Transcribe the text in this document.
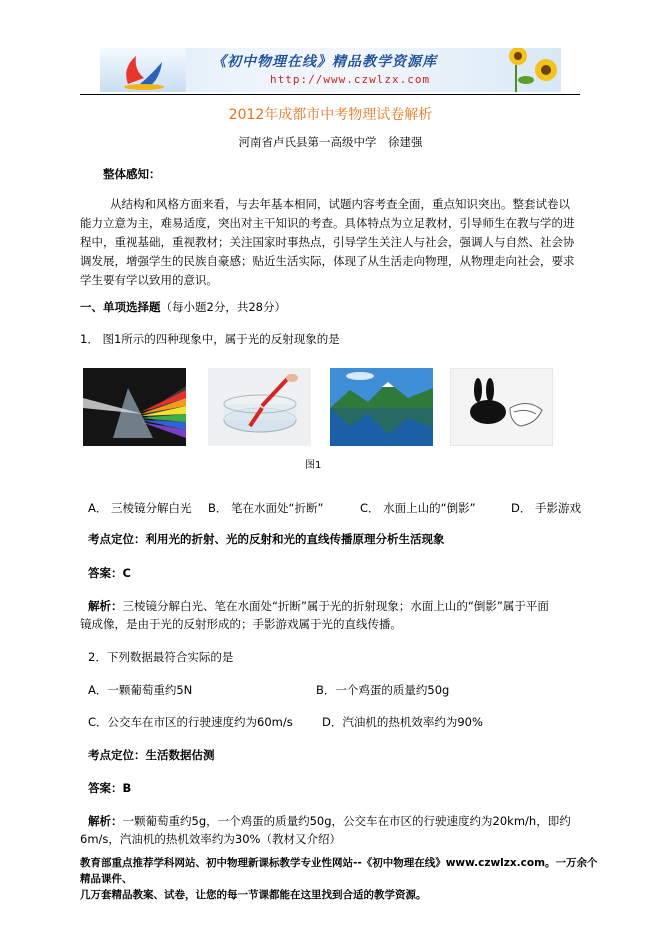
《初中物理在线》精品教学资源库
http://www.czwlzx.com
2012年成都市中考物理试卷解析
河南省卢氏县第一高级中学　徐建强
整体感知：
从结构和风格方面来看，与去年基本相同，试题内容考查全面，重点知识突出。整套试卷以
能力立意为主，难易适度，突出对主干知识的考查。具体特点为立足教材，引导师生在教与学的进
程中，重视基础，重视教材；关注国家时事热点，引导学生关注人与社会，强调人与自然、社会协
调发展，增强学生的民族自豪感；贴近生活实际，体现了从生活走向物理，从物理走向社会，要求
学生要有学以致用的意识。
一、单项选择题（每小题2分，共28分）
1． 图1所示的四种现象中，属于光的反射现象的是
图1
A． 三棱镜分解白光 B． 笔在水面处“折断”	C． 水面上山的“倒影”	D． 手影游戏
考点定位：利用光的折射、光的反射和光的直线传播原理分析生活现象
答案：C
解析：三棱镜分解白光、笔在水面处“折断”属于光的折射现象；水面上山的“倒影”属于平面
镜成像，是由于光的反射形成的；手影游戏属于光的直线传播。
2．下列数据最符合实际的是
A．一颗葡萄重约5N	B．一个鸡蛋的质量约50g
C．公交车在市区的行驶速度约为60m/s	D．汽油机的热机效率约为90%
考点定位：生活数据估测
答案：B
解析：一颗葡萄重约5g，一个鸡蛋的质量约50g，公交车在市区的行驶速度约为20km/h，即约
6m/s，汽油机的热机效率约为30%（教材又介绍）
教育部重点推荐学科网站、初中物理新课标教学专业性网站--《初中物理在线》www.czwlzx.com。一万余个精品课件、
几万套精品教案、试卷，让您的每一节课都能在这里找到合适的教学资源。
